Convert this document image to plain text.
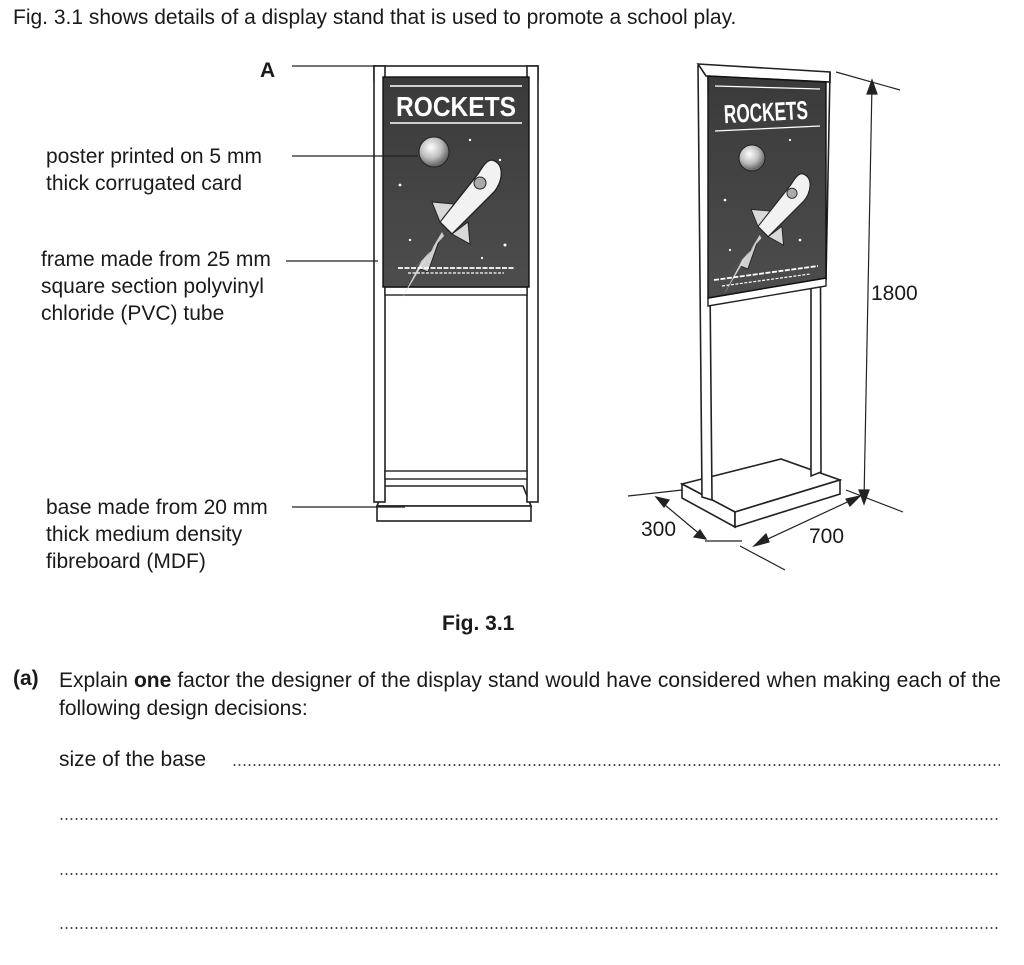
Fig. 3.1 shows details of a display stand that is used to promote a school play.
ROCKETS
A
poster printed on 5 mm
thick corrugated card
frame made from 25 mm
square section polyvinyl
chloride (PVC) tube
base made from 20 mm
thick medium density
fibreboard (MDF)
ROCKETS
1800
300	700
Fig. 3.1
(a) Explain one factor the designer of the display stand would have considered when making each of the following design decisions:
size of the base
